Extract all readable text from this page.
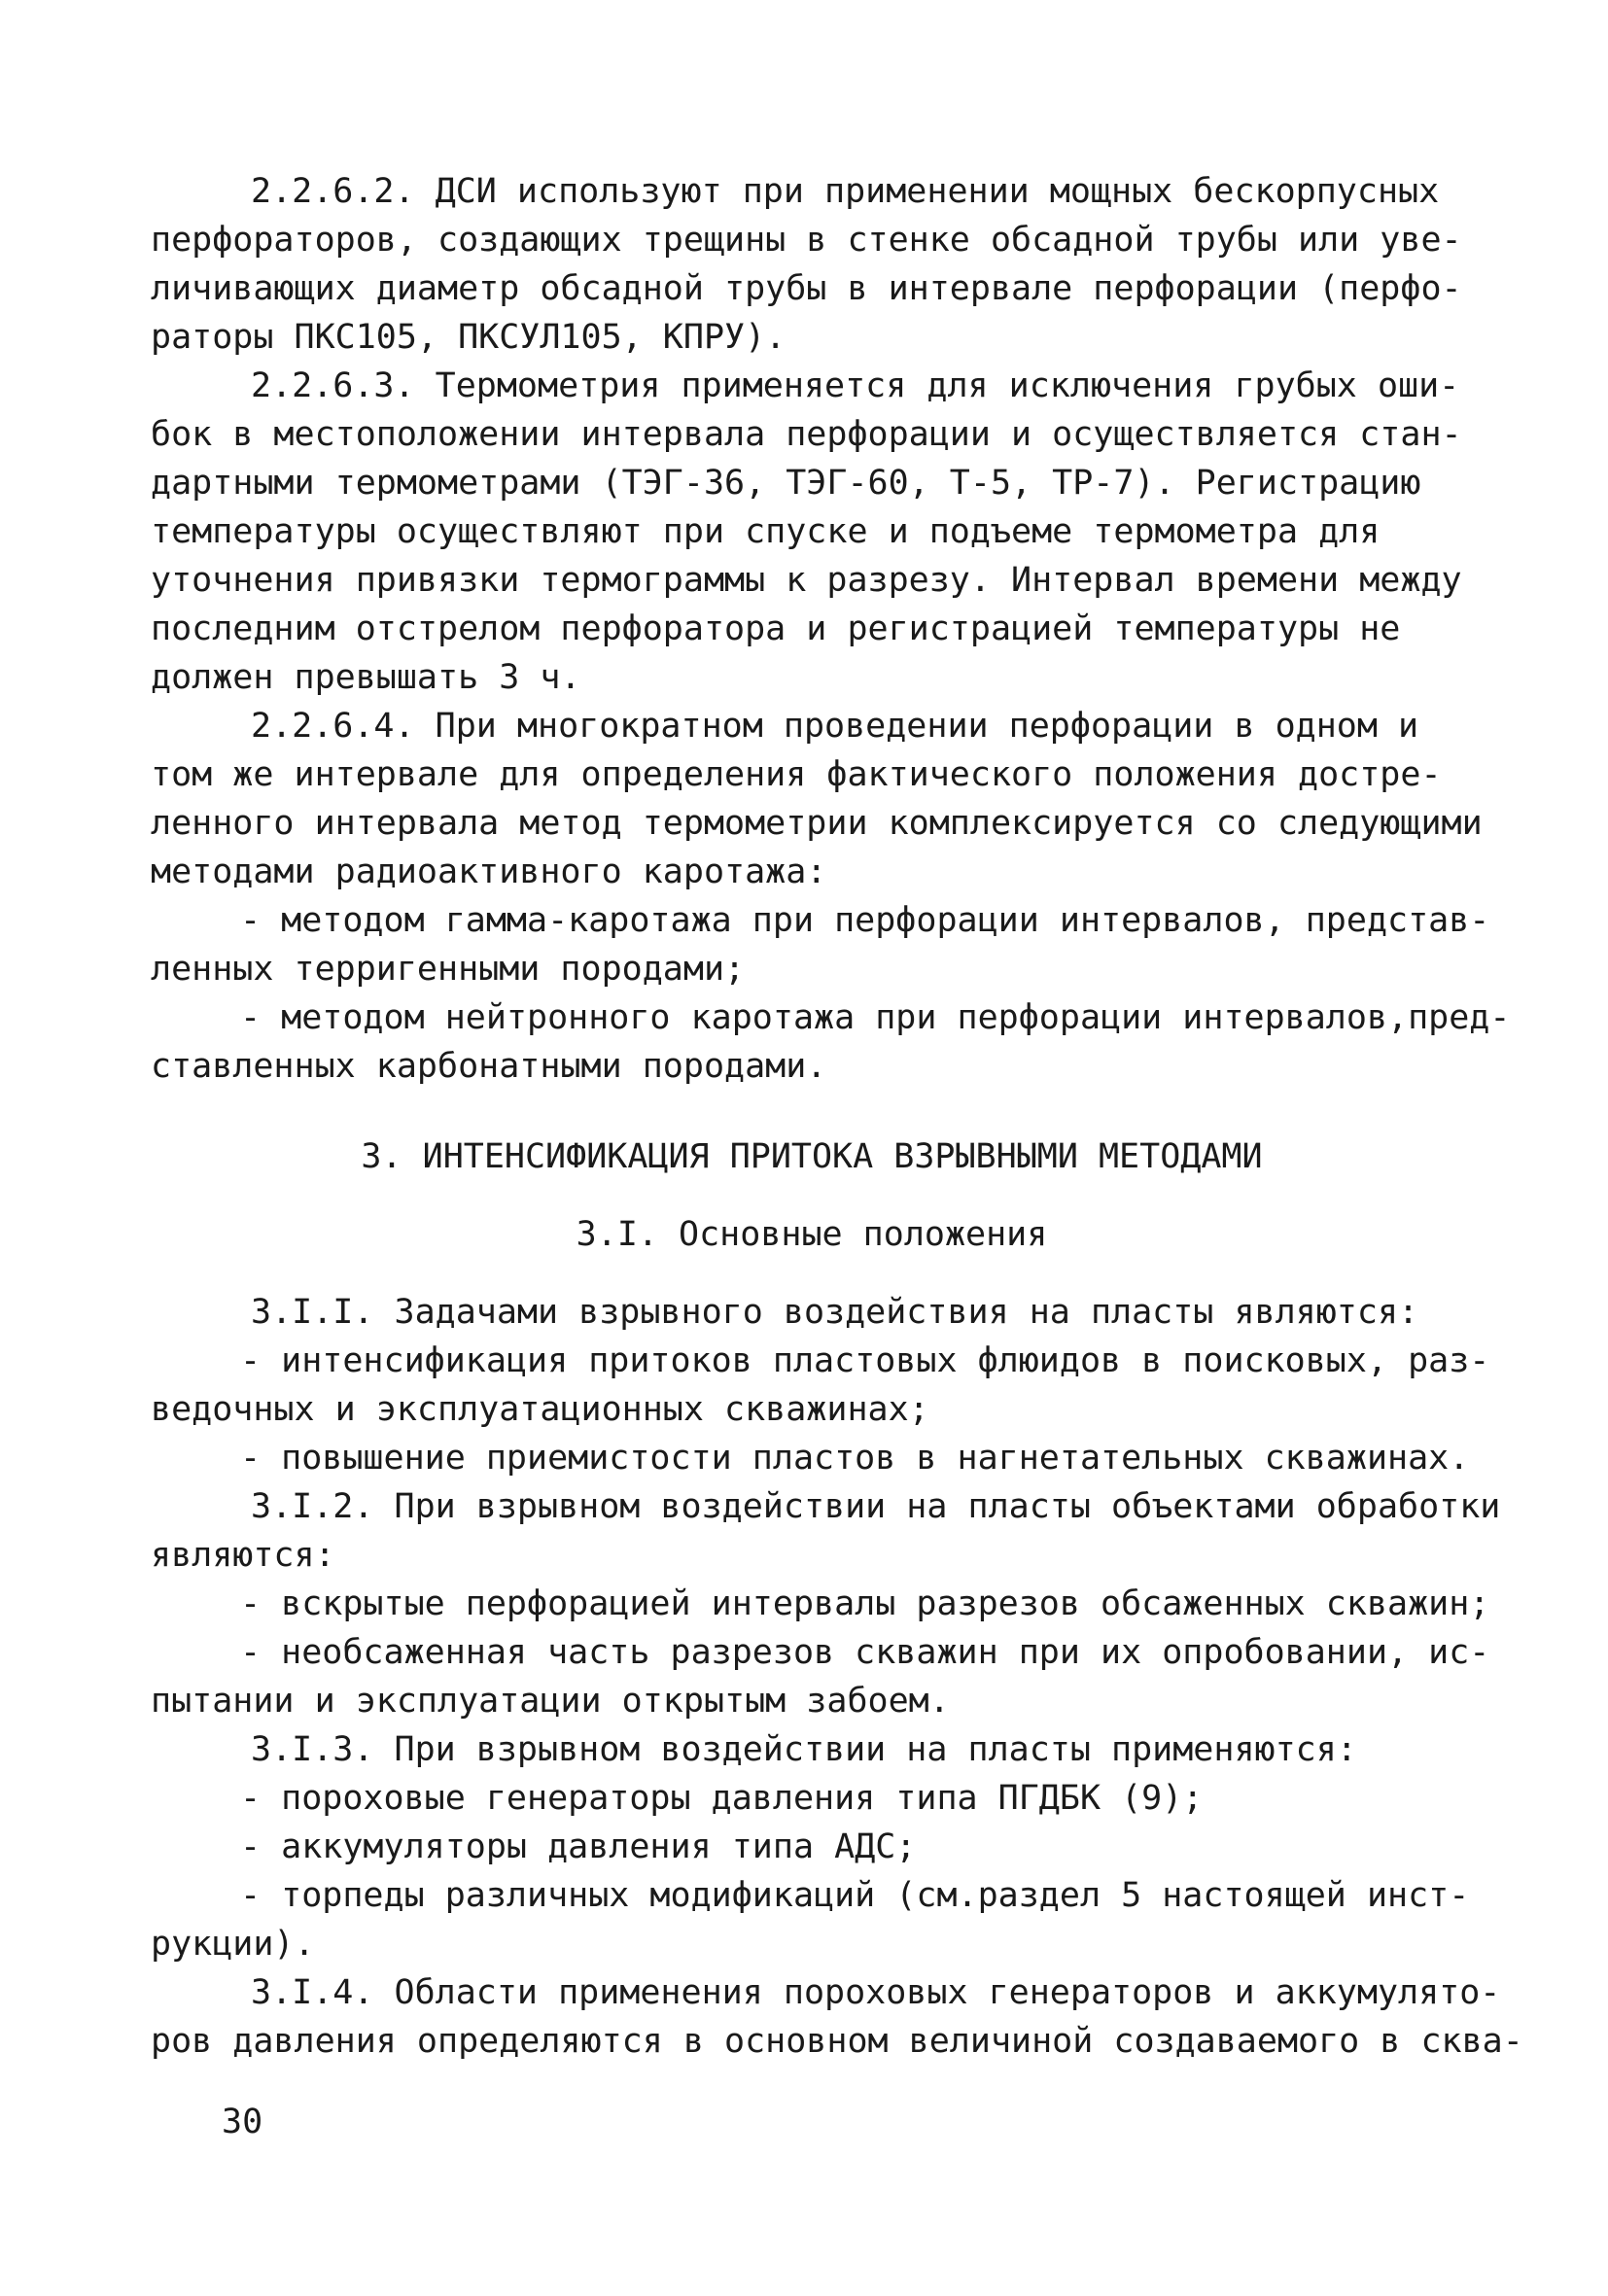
2.2.6.2. ДСИ используют при применении мощных бескорпусных
перфораторов, создающих трещины в стенке обсадной трубы или уве-
личивающих диаметр обсадной трубы в интервале перфорации (перфо-
раторы ПКС105, ПКСУЛ105, КПРУ).
2.2.6.3. Термометрия применяется для исключения грубых оши-
бок в местоположении интервала перфорации и осуществляется стан-
дартными термометрами (ТЭГ-36, ТЭГ-60, Т-5, ТР-7). Регистрацию
температуры осуществляют при спуске и подъеме термометра для
уточнения привязки термограммы к разрезу. Интервал времени между
последним отстрелом перфоратора и регистрацией температуры не
должен превышать 3 ч.
2.2.6.4. При многократном проведении перфорации в одном и
том же интервале для определения фактического положения достре-
ленного интервала метод термометрии комплексируется со следующими
методами радиоактивного каротажа:
- методом гамма-каротажа при перфорации интервалов, представ-
ленных терригенными породами;
- методом нейтронного каротажа при перфорации интервалов,пред-
ставленных карбонатными породами.
3. ИНТЕНСИФИКАЦИЯ ПРИТОКА ВЗРЫВНЫМИ МЕТОДАМИ
3.I. Основные положения
3.I.I. Задачами взрывного воздействия на пласты являются:
- интенсификация притоков пластовых флюидов в поисковых, раз-
ведочных и эксплуатационных скважинах;
- повышение приемистости пластов в нагнетательных скважинах.
3.I.2. При взрывном воздействии на пласты объектами обработки
являются:
- вскрытые перфорацией интервалы разрезов обсаженных скважин;
- необсаженная часть разрезов скважин при их опробовании, ис-
пытании и эксплуатации открытым забоем.
3.I.3. При взрывном воздействии на пласты применяются:
- пороховые генераторы давления типа ПГДБК (9);
- аккумуляторы давления типа АДС;
- торпеды различных модификаций (см.раздел 5 настоящей инст-
рукции).
3.I.4. Области применения пороховых генераторов и аккумулято-
ров давления определяются в основном величиной создаваемого в сква-
30
